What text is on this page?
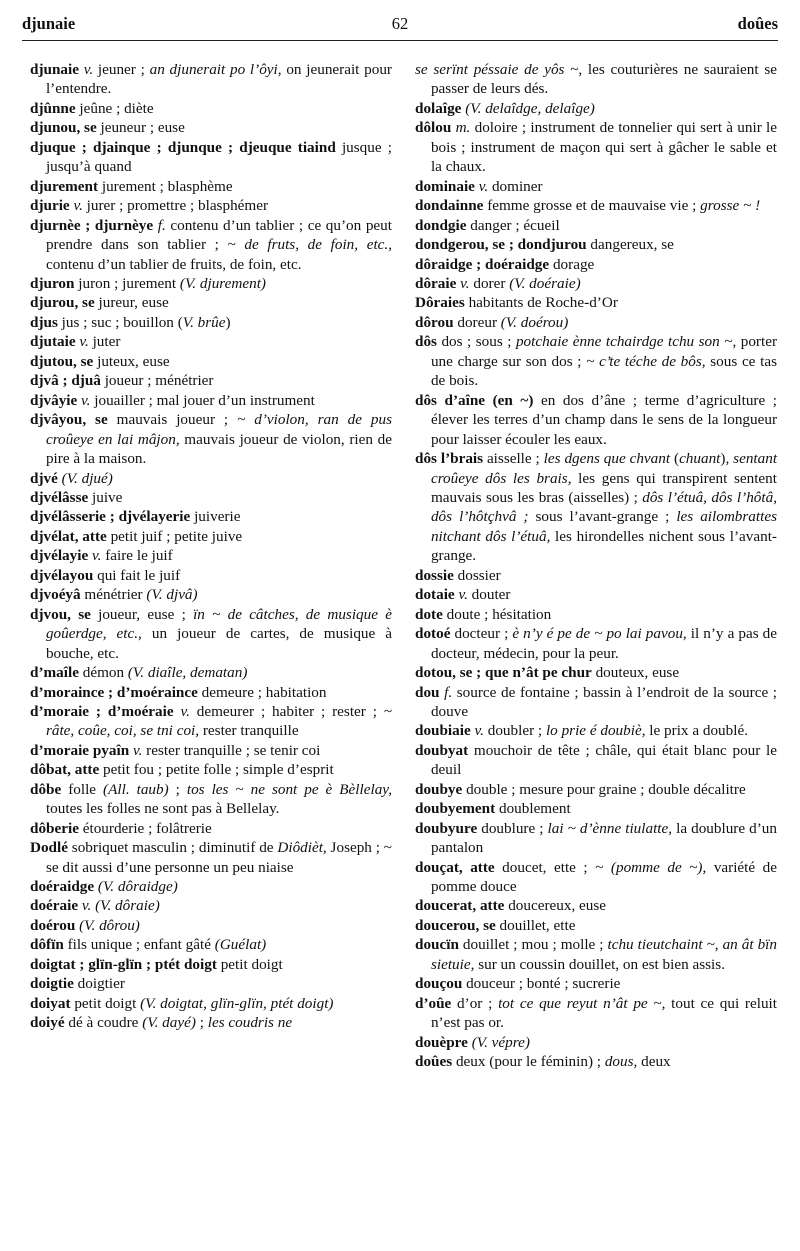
djunaie	62	doûes

djunaie v. jeuner ; an djunerait po l’ôyi, on jeunerait pour l’entendre.

djûnne jeûne ; diète

djunou, se jeuneur ; euse

djuque ; djainque ; djunque ; djeuque tiaind jusque ; jusqu’à quand

djurement jurement ; blasphème

djurie v. jurer ; promettre ; blasphémer

djurnèe ; djurnèye f. contenu d’un tablier ; ce qu’on peut prendre dans son tablier ; ~ de fruts, de foin, etc., contenu d’un tablier de fruits, de foin, etc.

djuron juron ; jurement (V. djurement)

djurou, se jureur, euse

djus jus ; suc ; bouillon (V. brûe)

djutaie v. juter

djutou, se juteux, euse

djvâ ; djuâ joueur ; ménétrier

djvâyie v. jouailler ; mal jouer d’un instrument

djvâyou, se mauvais joueur ; ~ d’violon, ran de pus croûeye en lai mâjon, mauvais joueur de violon, rien de pire à la maison.

djvé (V. djué)

djvélâsse juive

djvélâsserie ; djvélayerie juiverie

djvélat, atte petit juif ; petite juive

djvélayie v. faire le juif

djvélayou qui fait le juif

djvoéyâ ménétrier (V. djvâ)

djvou, se joueur, euse ; ïn ~ de câtches, de musique è goûerdge, etc., un joueur de cartes, de musique à bouche, etc.

d’maîle démon (V. diaîle, dematan)

d’moraince ; d’moéraince demeure ; habitation

d’moraie ; d’moéraie v. demeurer ; habiter ; rester ; ~ râte, coûe, coi, se tni coi, rester tranquille

d’moraie pyaîn v. rester tranquille ; se tenir coi

dôbat, atte petit fou ; petite folle ; simple d’esprit

dôbe folle (All. taub) ; tos les ~ ne sont pe è Bèllelay, toutes les folles ne sont pas à Bellelay.

dôberie étourderie ; folâtrerie

Dodlé sobriquet masculin ; diminutif de Diôdièt, Joseph ; ~ se dit aussi d’une personne un peu niaise

doéraidge (V. dôraidge)

doéraie v. (V. dôraie)

doérou (V. dôrou)

dôfïn fils unique ; enfant gâté (Guélat)

doigtat ; glïn-glïn ; ptét doigt petit doigt

doigtie doigtier

doiyat petit doigt (V. doigtat, glïn-glïn, ptét doigt)

doiyé dé à coudre (V. dayé) ; les coudris ne

se serïnt péssaie de yôs ~, les couturières ne sauraient se passer de leurs dés.

dolaîge (V. delaîdge, delaîge)

dôlou m. doloire ; instrument de tonnelier qui sert à unir le bois ; instrument de maçon qui sert à gâcher le sable et la chaux.

dominaie v. dominer

dondainne femme grosse et de mauvaise vie ; grosse ~ !

dondgie danger ; écueil

dondgerou, se ; dondjurou dangereux, se

dôraidge ; doéraidge dorage

dôraie v. dorer (V. doéraie)

Dôraies habitants de Roche-d’Or

dôrou doreur (V. doérou)

dôs dos ; sous ; potchaie ènne tchairdge tchu son ~, porter une charge sur son dos ; ~ c’te téche de bôs, sous ce tas de bois.

dôs d’aîne (en ~) en dos d’âne ; terme d’agriculture ; élever les terres d’un champ dans le sens de la longueur pour laisser écouler les eaux.

dôs l’brais aisselle ; les dgens que chvant (chuant), sentant croûeye dôs les brais, les gens qui transpirent sentent mauvais sous les bras (aisselles) ; dôs l’étuâ, dôs l’hôtâ, dôs l’hôtçhvâ ; sous l’avant-grange ; les ailombrattes nitchant dôs l’étuâ, les hirondelles nichent sous l’avant-grange.

dossie dossier

dotaie v. douter

dote doute ; hésitation

dotoé docteur ; è n’y é pe de ~ po lai pavou, il n’y a pas de docteur, médecin, pour la peur.

dotou, se ; que n’ât pe chur douteux, euse

dou f. source de fontaine ; bassin à l’endroit de la source ; douve

doubiaie v. doubler ; lo prie é doubiè, le prix a doublé.

doubyat mouchoir de tête ; châle, qui était blanc pour le deuil

doubye double ; mesure pour graine ; double décalitre

doubyement doublement

doubyure doublure ; lai ~ d’ènne tiulatte, la doublure d’un pantalon

douçat, atte doucet, ette ; ~ (pomme de ~), variété de pomme douce

doucerat, atte doucereux, euse

doucerou, se douillet, ette

doucïn douillet ; mou ; molle ; tchu tieutchaint ~, an ât bïn sietuie, sur un coussin douillet, on est bien assis.

douçou douceur ; bonté ; sucrerie

d’oûe d’or ; tot ce que reyut n’ât pe ~, tout ce qui reluit n’est pas or.

douèpre (V. vépre)

doûes deux (pour le féminin) ; dous, deux
